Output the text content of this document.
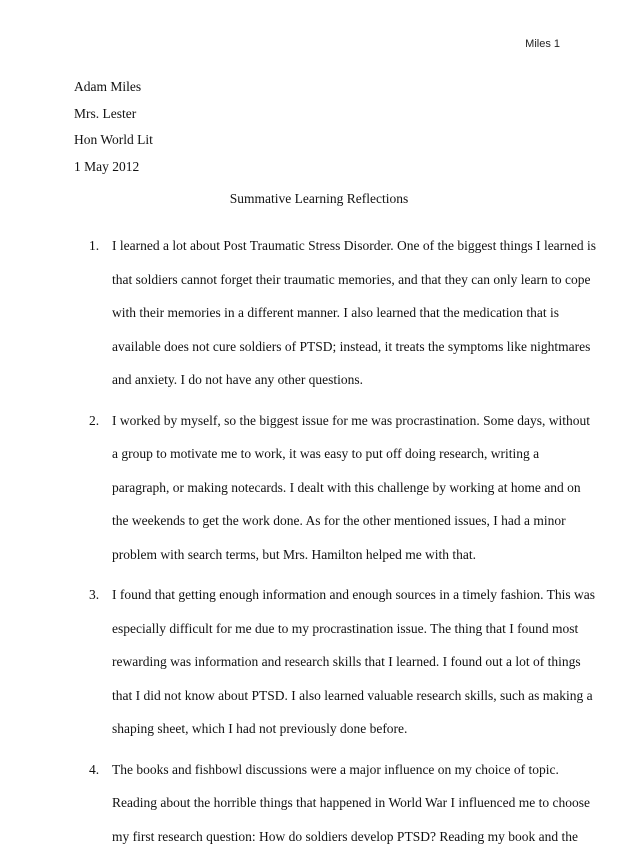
Miles 1
Adam Miles
Mrs. Lester
Hon World Lit
1 May 2012
Summative Learning Reflections
1. I learned a lot about Post Traumatic Stress Disorder. One of the biggest things I learned is
that soldiers cannot forget their traumatic memories, and that they can only learn to cope
with their memories in a different manner. I also learned that the medication that is
available does not cure soldiers of PTSD; instead, it treats the symptoms like nightmares
and anxiety. I do not have any other questions.
2. I worked by myself, so the biggest issue for me was procrastination. Some days, without
a group to motivate me to work, it was easy to put off doing research, writing a
paragraph, or making notecards. I dealt with this challenge by working at home and on
the weekends to get the work done. As for the other mentioned issues, I had a minor
problem with search terms, but Mrs. Hamilton helped me with that.
3. I found that getting enough information and enough sources in a timely fashion. This was
especially difficult for me due to my procrastination issue. The thing that I found most
rewarding was information and research skills that I learned. I found out a lot of things
that I did not know about PTSD. I also learned valuable research skills, such as making a
shaping sheet, which I had not previously done before.
4. The books and fishbowl discussions were a major influence on my choice of topic.
Reading about the horrible things that happened in World War I influenced me to choose
my first research question: How do soldiers develop PTSD? Reading my book and the
